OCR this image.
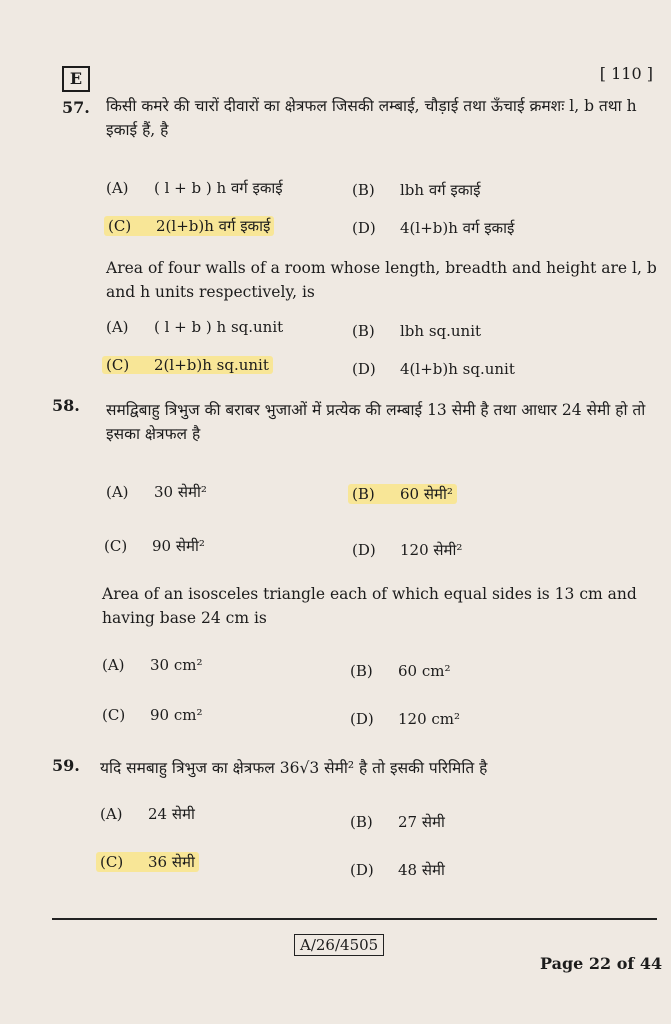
E	[ 110 ]
57. किसी कमरे की चारों दीवारों का क्षेत्रफल जिसकी लम्बाई, चौड़ाई तथा ऊँचाई क्रमशः l, b तथा h इकाई हैं, है
(A) ( l + b ) h वर्ग इकाई	(B) lbh वर्ग इकाई
(C) 2(l+b)h वर्ग इकाई	(D) 4(l+b)h वर्ग इकाई
Area of four walls of a room whose length, breadth and height are l, b and h units respectively, is
(A) ( l + b ) h sq.unit	(B) lbh sq.unit
(C) 2(l+b)h sq.unit	(D) 4(l+b)h sq.unit
58. समद्विबाहु त्रिभुज की बराबर भुजाओं में प्रत्येक की लम्बाई 13 सेमी है तथा आधार 24 सेमी हो तो इसका क्षेत्रफल है
(A) 30 सेमी²	(B) 60 सेमी²
(C) 90 सेमी²	(D) 120 सेमी²
Area of an isosceles triangle each of which equal sides is 13 cm and having base 24 cm is
(A) 30 cm²	(B) 60 cm²
(C) 90 cm²	(D) 120 cm²
59. यदि समबाहु त्रिभुज का क्षेत्रफल 36√3 सेमी² है तो इसकी परिमिति है
(A) 24 सेमी	(B) 27 सेमी
(C) 36 सेमी	(D) 48 सेमी
A/26/4505
Page 22 of 44
